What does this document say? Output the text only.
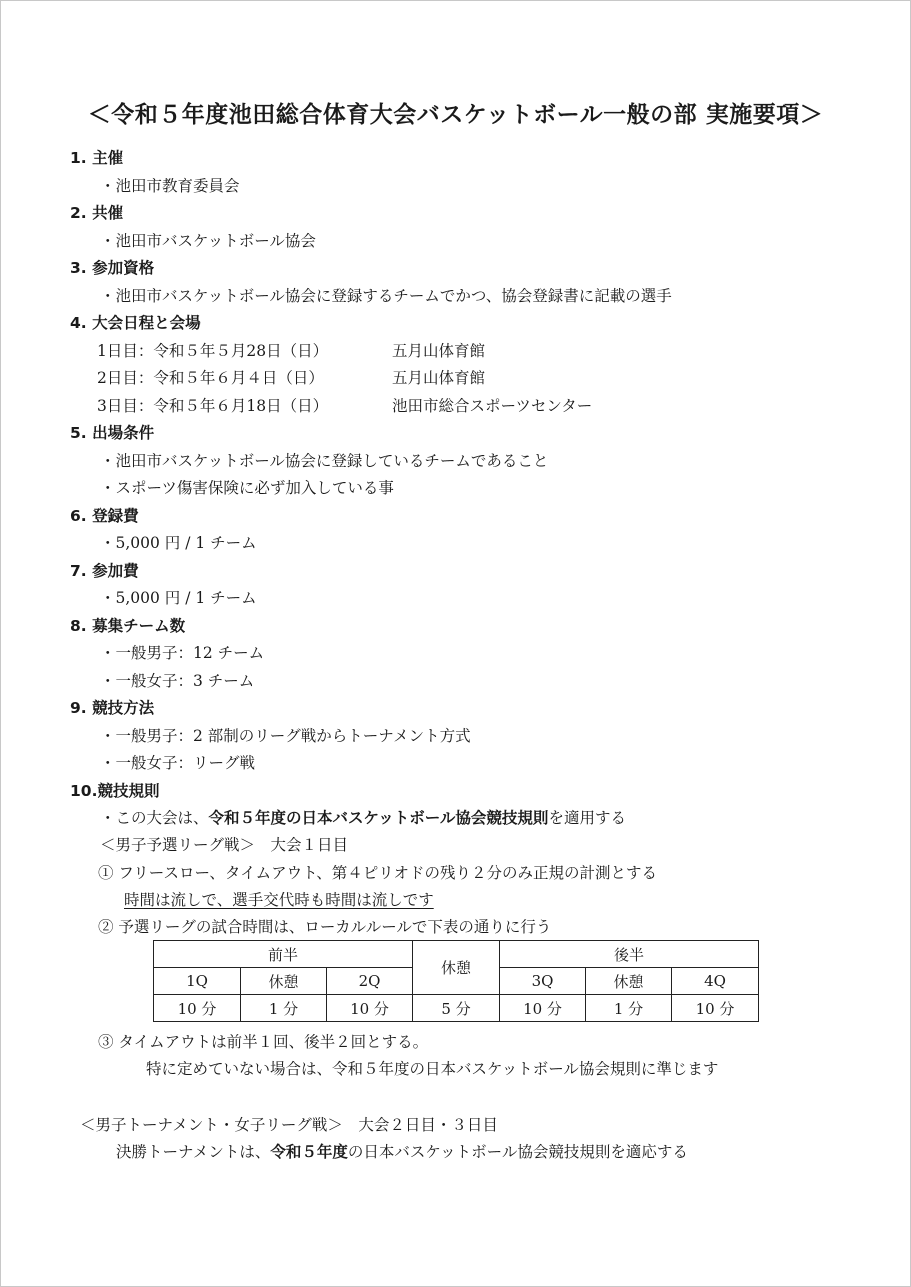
＜令和５年度池田総合体育大会バスケットボール一般の部 実施要項＞
1. 主催
・池田市教育委員会
2. 共催
・池田市バスケットボール協会
3. 参加資格
・池田市バスケットボール協会に登録するチームでかつ、協会登録書に記載の選手
4. 大会日程と会場
1日目：令和５年５月28日（日）	五月山体育館
2日目：令和５年６月４日（日）	五月山体育館
3日目：令和５年６月18日（日）	池田市総合スポーツセンター
5. 出場条件
・池田市バスケットボール協会に登録しているチームであること
・スポーツ傷害保険に必ず加入している事
6. 登録費
・5,000 円 / 1 チーム
7. 参加費
・5,000 円 / 1 チーム
8. 募集チーム数
・一般男子：12 チーム
・一般女子：3 チーム
9. 競技方法
・一般男子：2 部制のリーグ戦からトーナメント方式
・一般女子：リーグ戦
10.競技規則
・この大会は、令和５年度の日本バスケットボール協会競技規則を適用する
＜男子予選リーグ戦＞　大会１日目
① フリースロー、タイムアウト、第４ピリオドの残り２分のみ正規の計測とする
時間は流しで、選手交代時も時間は流しです
② 予選リーグの試合時間は、ローカルルールで下表の通りに行う
前半			休憩	後半		
1Q	休憩	2Q		3Q	休憩	4Q
10 分	1 分	10 分	5 分	10 分	1 分	10 分
③ タイムアウトは前半１回、後半２回とする。
特に定めていない場合は、令和５年度の日本バスケットボール協会規則に準じます
＜男子トーナメント・女子リーグ戦＞　大会２日目・３日目
決勝トーナメントは、令和５年度の日本バスケットボール協会競技規則を適応する
